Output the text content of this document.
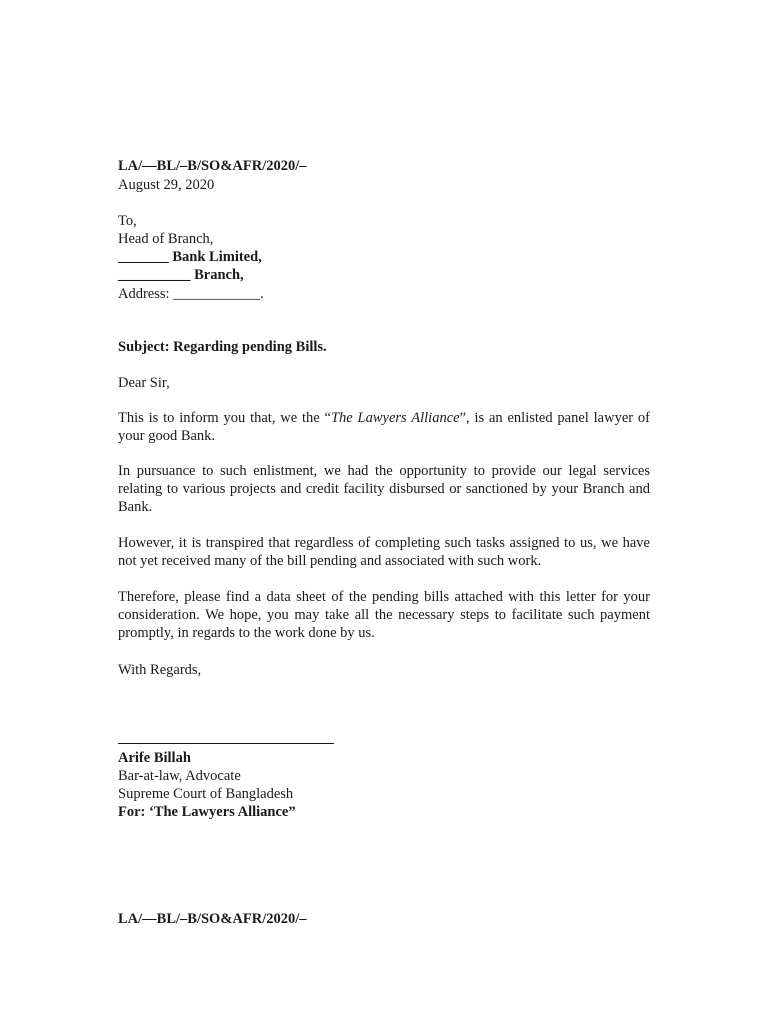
LA/—BL/–B/SO&AFR/2020/–
August 29, 2020
To,
Head of Branch,
_______ Bank Limited,
__________ Branch,
Address: ____________.
Subject: Regarding pending Bills.
Dear Sir,
This is to inform you that, we the “The Lawyers Alliance”, is an enlisted panel lawyer of your good Bank.
In pursuance to such enlistment, we had the opportunity to provide our legal services relating to various projects and credit facility disbursed or sanctioned by your Branch and Bank.
However, it is transpired that regardless of completing such tasks assigned to us, we have not yet received many of the bill pending and associated with such work.
Therefore, please find a data sheet of the pending bills attached with this letter for your consideration. We hope, you may take all the necessary steps to facilitate such payment promptly, in regards to the work done by us.
With Regards,
Arife Billah
Bar-at-law, Advocate
Supreme Court of Bangladesh
For: ‘The Lawyers Alliance”
LA/—BL/–B/SO&AFR/2020/–
